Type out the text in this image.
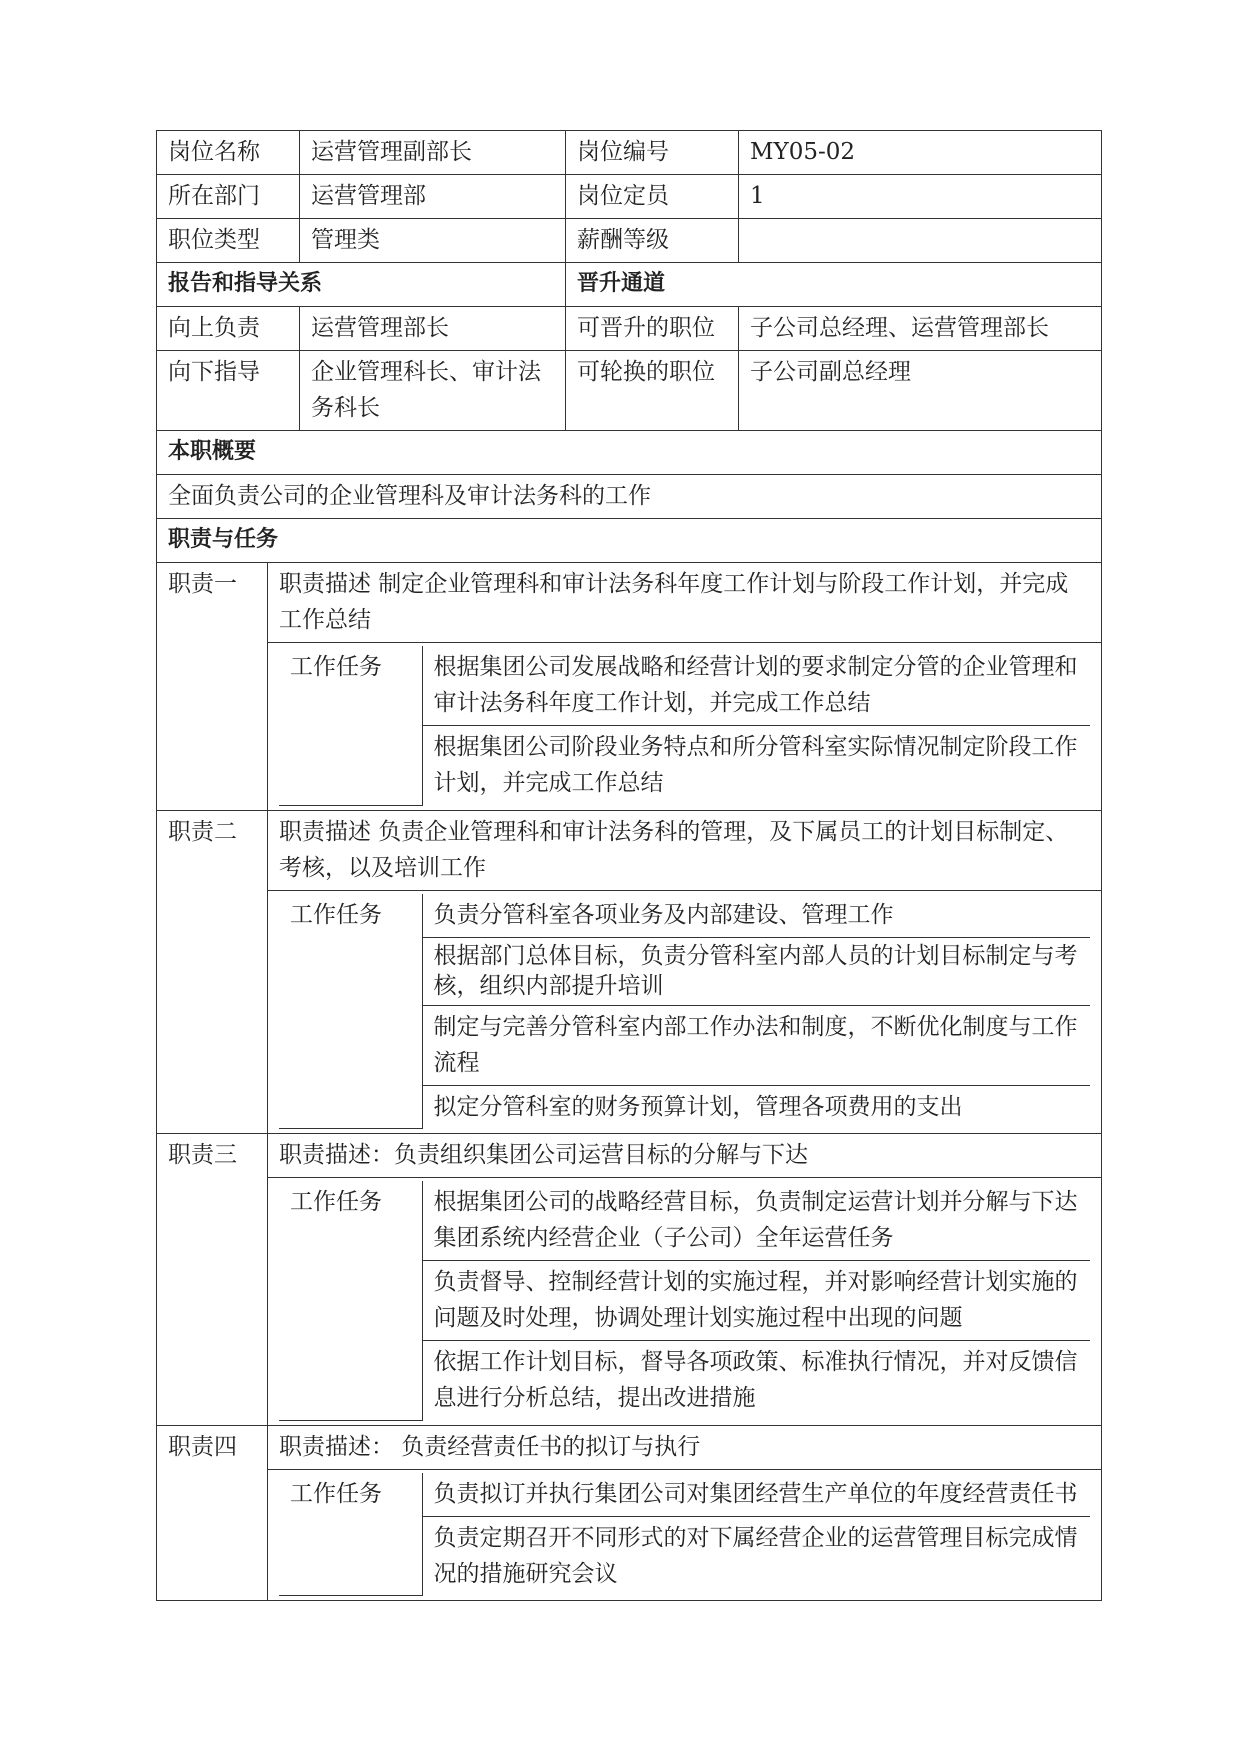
岗位名称	运营管理副部长	岗位编号	MY05-02
所在部门	运营管理部	岗位定员	1
职位类型	管理类	薪酬等级	
报告和指导关系	晋升通道
向上负责	运营管理部长	可晋升的职位	子公司总经理、运营管理部长
向下指导	企业管理科长、审计法务科长	可轮换的职位	子公司副总经理
本职概要
全面负责公司的企业管理科及审计法务科的工作
职责与任务
职责一	职责描述 制定企业管理科和审计法务科年度工作计划与阶段工作计划，并完成工作总结

工作任务	根据集团公司发展战略和经营计划的要求制定分管的企业管理和审计法务科年度工作计划，并完成工作总结
根据集团公司阶段业务特点和所分管科室实际情况制定阶段工作计划，并完成工作总结

职责二	职责描述 负责企业管理科和审计法务科的管理，及下属员工的计划目标制定、考核，以及培训工作

工作任务	负责分管科室各项业务及内部建设、管理工作
根据部门总体目标，负责分管科室内部人员的计划目标制定与考核，组织内部提升培训
制定与完善分管科室内部工作办法和制度，不断优化制度与工作流程
拟定分管科室的财务预算计划，管理各项费用的支出

职责三	职责描述：负责组织集团公司运营目标的分解与下达

工作任务	根据集团公司的战略经营目标，负责制定运营计划并分解与下达集团系统内经营企业（子公司）全年运营任务
负责督导、控制经营计划的实施过程，并对影响经营计划实施的问题及时处理，协调处理计划实施过程中出现的问题
依据工作计划目标，督导各项政策、标准执行情况，并对反馈信息进行分析总结，提出改进措施

职责四	职责描述： 负责经营责任书的拟订与执行

工作任务	负责拟订并执行集团公司对集团经营生产单位的年度经营责任书
负责定期召开不同形式的对下属经营企业的运营管理目标完成情况的措施研究会议
